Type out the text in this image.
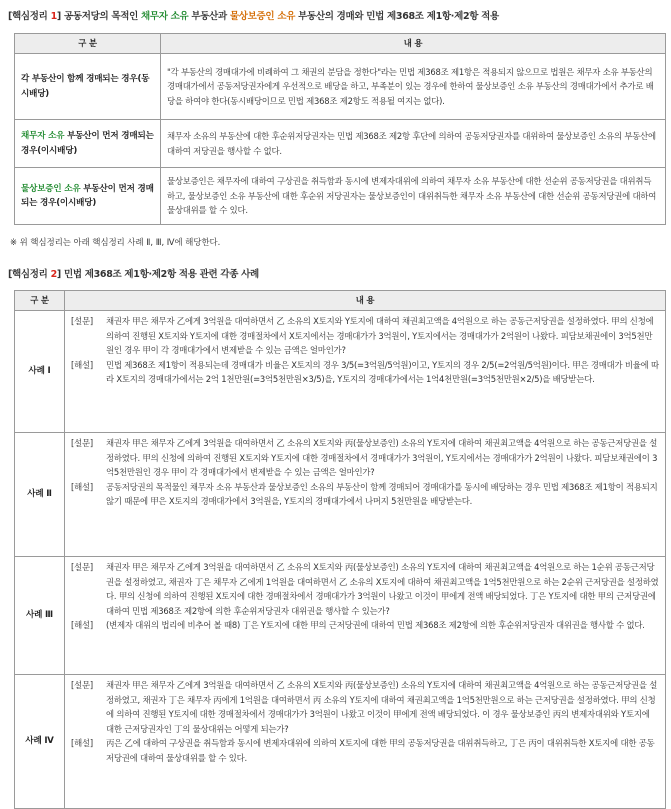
[핵심정리 1] 공동저당의 목적인 채무자 소유 부동산과 물상보증인 소유 부동산의 경매와 민법 제368조 제1항·제2항 적용
구 분	내 용
각 부동산이 함께 경매되는 경우(동시배당)	"각 부동산의 경매대가에 비례하여 그 채권의 분담을 정한다"라는 민법 제368조 제1항은 적용되지 않으므로 법원은 채무자 소유 부동산의 경매대가에서 공동저당권자에게 우선적으로 배당을 하고, 부족분이 있는 경우에 한하여 물상보증인 소유 부동산의 경매대가에서 추가로 배당을 하여야 한다(동시배당이므로 민법 제368조 제2항도 적용될 여지는 없다).
채무자 소유 부동산이 먼저 경매되는 경우(이시배당)	채무자 소유의 부동산에 대한 후순위저당권자는 민법 제368조 제2항 후단에 의하여 공동저당권자를 대위하여 물상보증인 소유의 부동산에 대하여 저당권을 행사할 수 없다.
물상보증인 소유 부동산이 먼저 경매되는 경우(이시배당)	물상보증인은 채무자에 대하여 구상권을 취득함과 동시에 변제자대위에 의하여 채무자 소유 부동산에 대한 선순위 공동저당권을 대위취득하고, 물상보증인 소유 부동산에 대한 후순위 저당권자는 물상보증인이 대위취득한 채무자 소유 부동산에 대한 선순위 공동저당권에 대하여 물상대위를 할 수 있다.
※ 위 핵심정리는 아래 핵심정리 사례 Ⅱ, Ⅲ, Ⅳ에 해당한다.
[핵심정리 2] 민법 제368조 제1항·제2항 적용 관련 각종 사례
구 분	내 용
사례 Ⅰ	[설문] 채권자 甲은 채무자 乙에게 3억원을 대여하면서 乙 소유의 X토지와 Y토지에 대하여 채권최고액을 4억원으로 하는 공동근저당권을 설정하였다. 甲의 신청에 의하여 진행된 X토지와 Y토지에 대한 경매절차에서 X토지에서는 경매대가가 3억원이, Y토지에서는 경매대가가 2억원이 나왔다. 피담보채권에이 3억5천만원인 경우 甲이 각 경매대가에서 변제받을 수 있는 금액은 얼마인가?
[해설] 민법 제368조 제1항이 적용되는데 경매대가 비율은 X토지의 경우 3/5(=3억원/5억원)이고, Y토지의 경우 2/5(=2억원/5억원)이다. 甲은 경매대가 비율에 따라 X토지의 경매대가에서는 2억 1천만원(=3억5천만원×3/5)을, Y토지의 경매대가에서는 1억4천만원(=3억5천만원×2/5)을 배당받는다.

사례 Ⅱ	[설문] 채권자 甲은 채무자 乙에게 3억원을 대여하면서 乙 소유의 X토지와 丙(물상보증인) 소유의 Y토지에 대하여 채권최고액을 4억원으로 하는 공동근저당권을 설정하였다. 甲의 신청에 의하여 진행된 X토지와 Y토지에 대한 경매절차에서 경매대가가 3억원이, Y토지에서는 경매대가가 2억원이 나왔다. 피담보채권에이 3억5천만원인 경우 甲이 각 경매대가에서 변제받을 수 있는 금액은 얼마인가?
[해설] 공동저당권의 목적물인 채무자 소유 부동산과 물상보증인 소유의 부동산이 함께 경매되어 경매대가를 동시에 배당하는 경우 민법 제368조 제1항이 적용되지 않기 때문에 甲은 X토지의 경매대가에서 3억원을, Y토지의 경매대가에서 나머지 5천만원을 배당받는다.

사례 Ⅲ	[설문] 채권자 甲은 채무자 乙에게 3억원을 대여하면서 乙 소유의 X토지와 丙(물상보증인) 소유의 Y토지에 대하여 채권최고액을 4억원으로 하는 1순위 공동근저당권을 설정하였고, 채권자 丁은 채무자 乙에게 1억원을 대여하면서 乙 소유의 X토지에 대하여 채권최고액을 1억5천만원으로 하는 2순위 근저당권을 설정하였다. 甲의 신청에 의하여 진행된 X토지에 대한 경매절차에서 경매대가가 3억원이 나왔고 이것이 甲에게 전액 배당되었다. 丁은 Y토지에 대한 甲의 근저당권에 대하여 민법 제368조 제2항에 의한 후순위저당권자 대위권을 행사할 수 있는가?
[해설] (변제자 대위의 법리에 비추어 볼 때8) 丁은 Y토지에 대한 甲의 근저당권에 대하여 민법 제368조 제2항에 의한 후순위저당권자 대위권을 행사할 수 없다.

사례 Ⅳ	[설문] 채권자 甲은 채무자 乙에게 3억원을 대여하면서 乙 소유의 X토지와 丙(물상보증인) 소유의 Y토지에 대하여 채권최고액을 4억원으로 하는 공동근저당권을 설정하였고, 채권자 丁은 채무자 丙에게 1억원을 대여하면서 丙 소유의 Y토지에 대하여 채권최고액을 1억5천만원으로 하는 근저당권을 설정하였다. 甲의 신청에 의하여 진행된 Y토지에 대한 경매절차에서 경매대가가 3억원이 나왔고 이것이 甲에게 전액 배당되었다. 이 경우 물상보증인 丙의 변제자대위와 Y토지에 대한 근저당권자인 丁의 물상대위는 어떻게 되는가?
[해설] 丙은 乙에 대하여 구상권을 취득함과 동시에 변제자대위에 의하여 X토지에 대한 甲의 공동저당권을 대위취득하고, 丁은 丙이 대위취득한 X토지에 대한 공동저당권에 대하여 물상대위를 할 수 있다.
